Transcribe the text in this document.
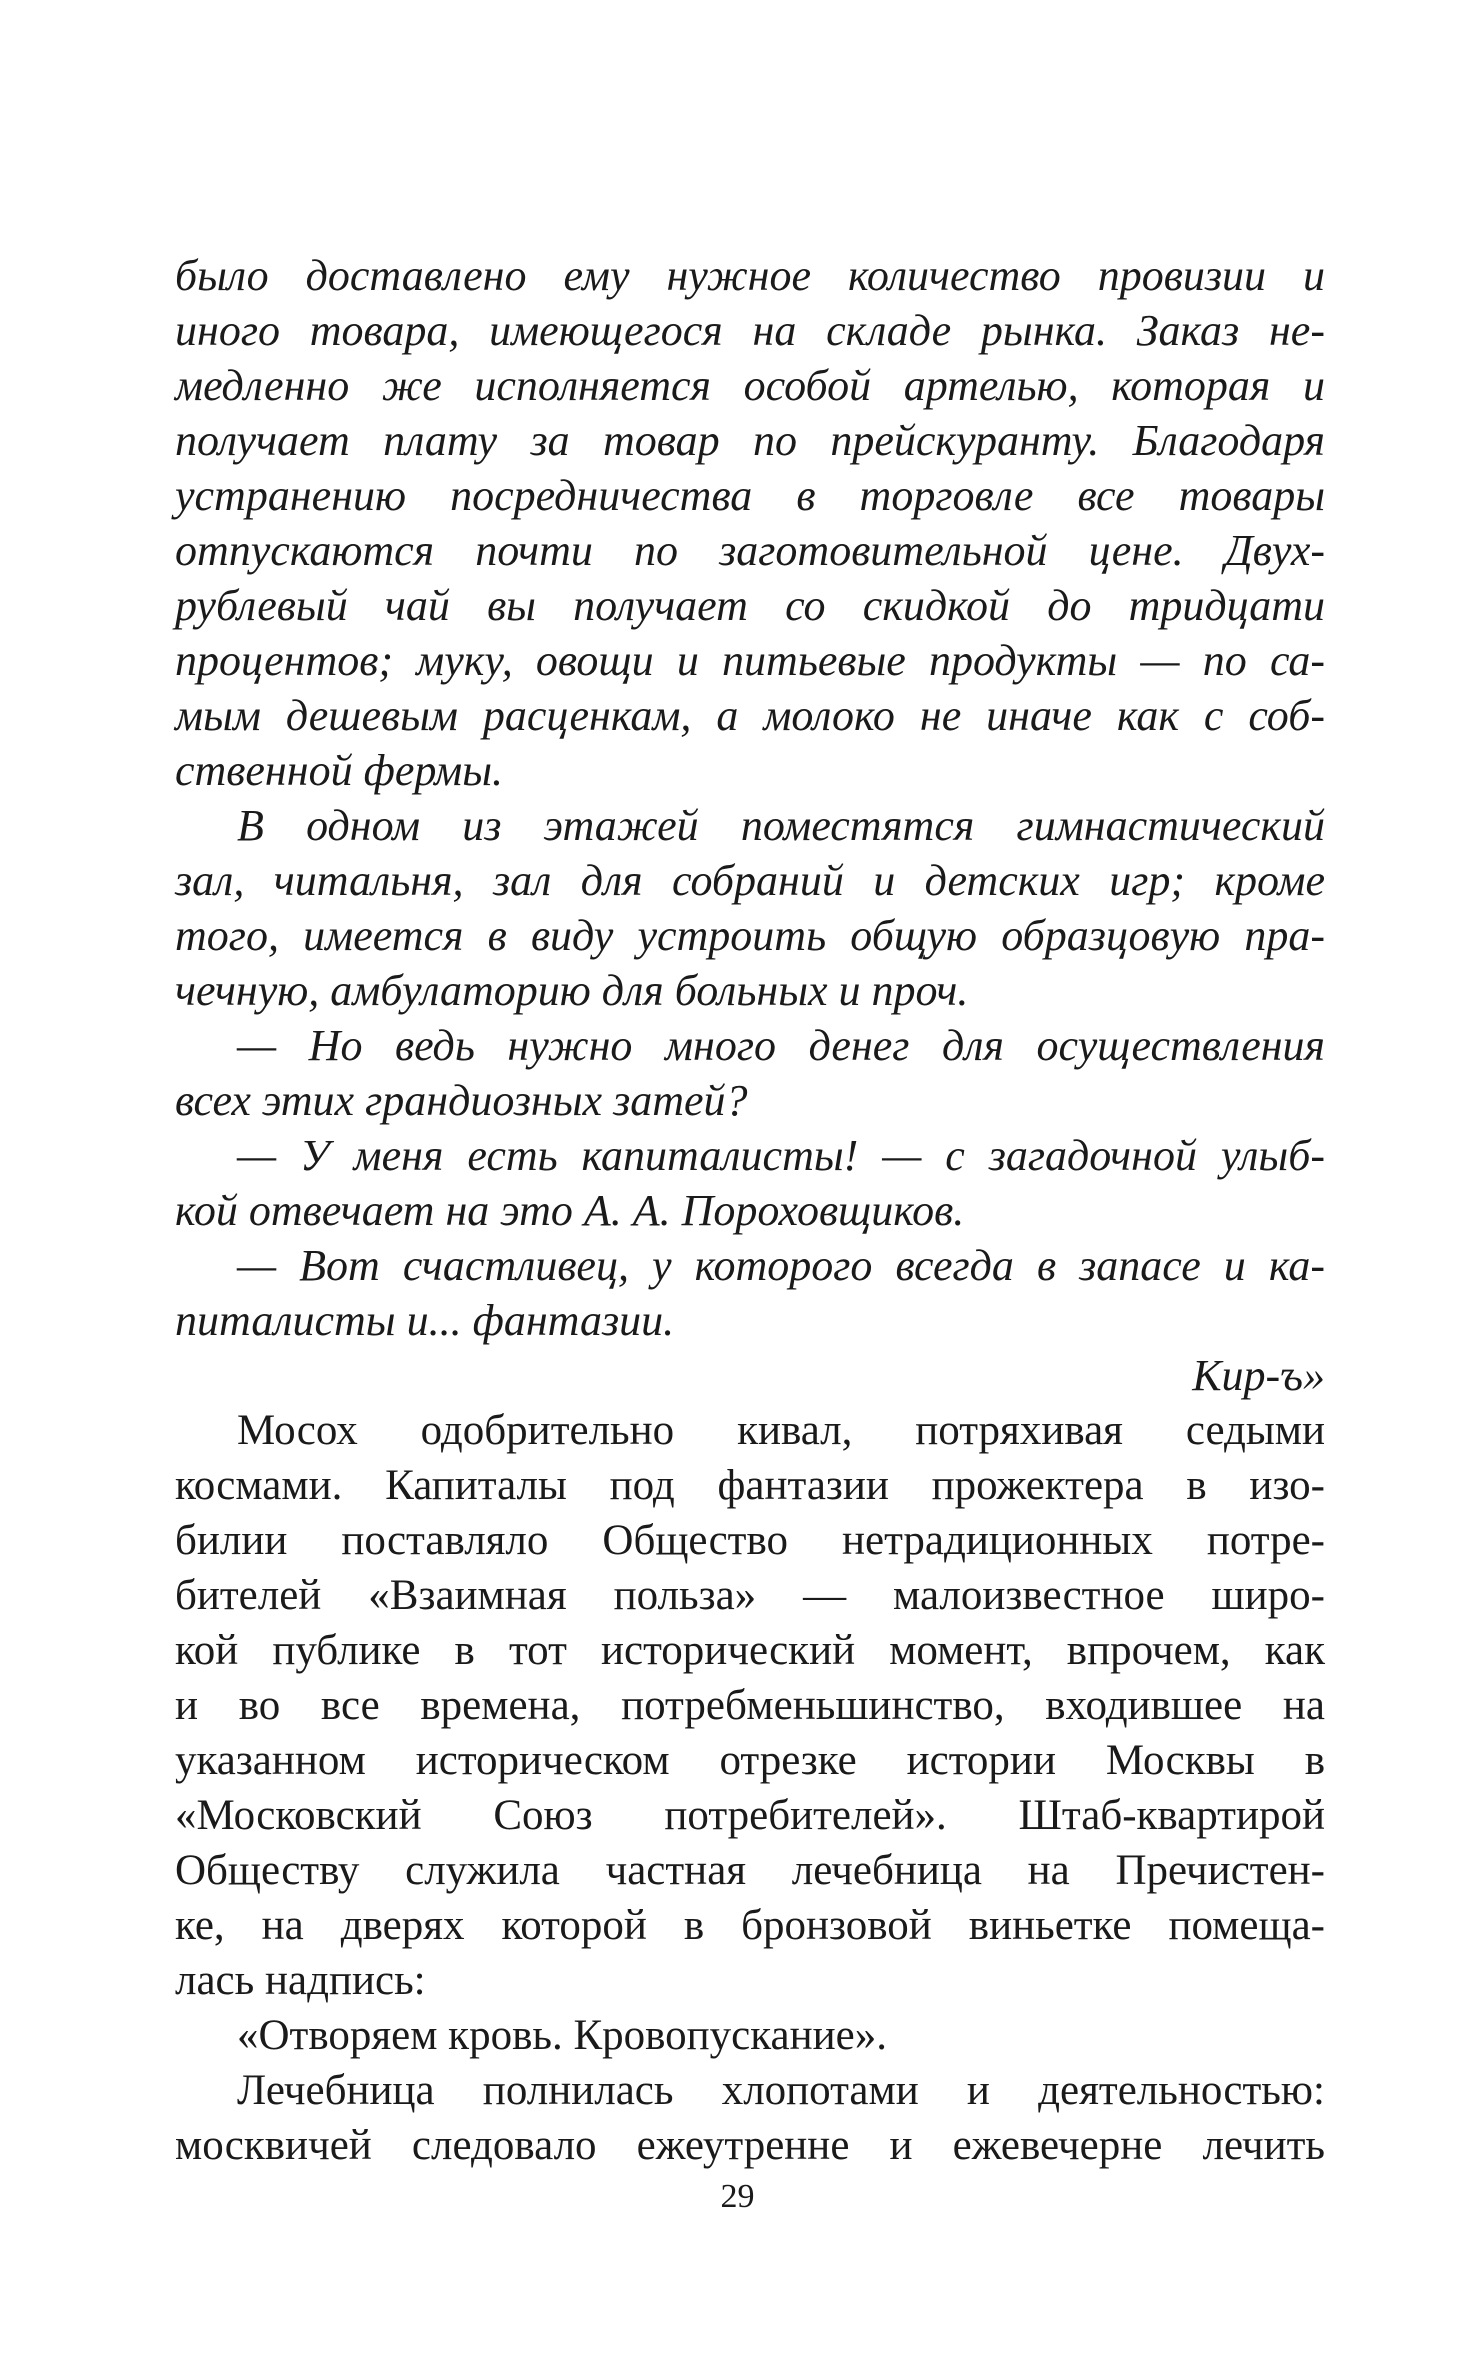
было доставлено ему нужное количество провизии и
иного товара, имеющегося на складе рынка. Заказ не-
медленно же исполняется особой артелью, которая и
получает плату за товар по прейскуранту. Благодаря
устранению посредничества в торговле все товары
отпускаются почти по заготовительной цене. Двух-
рублевый чай вы получает со скидкой до тридцати
процентов; муку, овощи и питьевые продукты — по са-
мым дешевым расценкам, а молоко не иначе как с соб-
ственной фермы.
В одном из этажей поместятся гимнастический
зал, читальня, зал для собраний и детских игр; кроме
того, имеется в виду устроить общую образцовую пра-
чечную, амбулаторию для больных и проч.
— Но ведь нужно много денег для осуществления
всех этих грандиозных затей?
— У меня есть капиталисты! — с загадочной улыб-
кой отвечает на это А. А. Пороховщиков.
— Вот счастливец, у которого всегда в запасе и ка-
питалисты и... фантазии.
Кир-ъ»
Мосох одобрительно кивал, потряхивая седыми
космами. Капиталы под фантазии прожектера в изо-
билии поставляло Общество нетрадиционных потре-
бителей «Взаимная польза» — малоизвестное широ-
кой публике в тот исторический момент, впрочем, как
и во все времена, потребменьшинство, входившее на
указанном историческом отрезке истории Москвы в
«Московский Союз потребителей». Штаб-квартирой
Обществу служила частная лечебница на Пречистен-
ке, на дверях которой в бронзовой виньетке помеща-
лась надпись:
«Отворяем кровь. Кровопускание».
Лечебница полнилась хлопотами и деятельностью:
москвичей следовало ежеутренне и ежевечерне лечить
29
